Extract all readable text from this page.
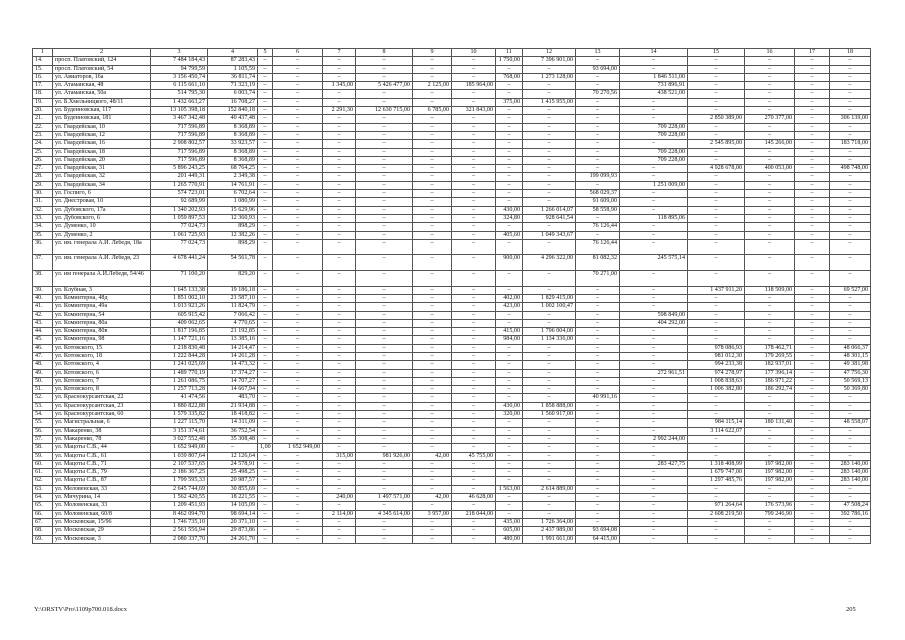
1	2	3	4	5	6	7	8	9	10	11	12	13	14	15	16	17	18
14.	просп. Платовский, 124	7 484 184,43	87 283,43	–	–	–	–	–	–	1 750,00	7 396 901,00	–	–	–	–	–	–
15.	просп. Платовский, 54	94 799,59	1 105,59	–	–	–	–	–	–	–	–	93 694,00	–	–	–	–	–
16.	ул. Авиаторов, 16а	3 156 450,74	36 811,74	–	–	–	–	–	–	768,00	1 273 128,00	–	1 846 511,00	–	–	–	–
17.	ул. Атаманская, 48	6 115 661,10	71 323,19	–	–	1 345,00	5 426 477,00	2 125,00	185 964,00	–	–	–	731 896,91	–	–	–	–
18.	ул. Атаманская, 50а	514 795,30	6 003,74	–	–	–	–	–	–	–	–	70 270,56	438 521,00	–	–	–	–
19.	ул. Б.Хмельницкого, 48/11	1 432 663,27	16 708,27	–	–	–	–	–	–	375,00	1 415 955,00	–	–	–	–	–	–
20.	ул. Буденновская, 117	13 105 398,18	152 840,18	–	–	2 291,30	12 630 715,00	6 785,00	321 843,00	–	–	–	–	–	–	–	–
21.	ул. Буденновская, 181	3 467 342,48	40 437,48	–	–	–	–	–	–	–	–	–	–	2 850 389,00	270 377,00	–	306 139,00
22.	ул. Гвардейская, 10	717 596,89	8 368,89	–	–	–	–	–	–	–	–	–	709 228,00	–	–	–	–
23.	ул. Гвардейская, 12	717 596,89	8 368,89	–	–	–	–	–	–	–	–	–	709 228,00	–	–	–	–
24.	ул. Гвардейская, 16	2 908 802,57	33 923,57	–	–	–	–	–	–	–	–	–	–	2 545 895,00	145 266,00	–	183 718,00
25.	ул. Гвардейская, 18	717 596,89	8 368,89	–	–	–	–	–	–	–	–	–	709 228,00	–	–	–	–
26.	ул. Гвардейская, 20	717 596,89	8 368,89	–	–	–	–	–	–	–	–	–	709 228,00	–	–	–	–
27.	ул. Гвардейская, 31	5 896 243,25	68 764,25	–	–	–	–	–	–	–	–	–	–	4 928 678,00	400 053,00	–	498 748,00
28.	ул. Гвардейская, 32	201 449,31	2 349,38	–	–	–	–	–	–	–	–	199 099,93	–	–	–	–	–
29.	ул. Гвардейская, 34	1 265 770,91	14 761,91	–	–	–	–	–	–	–	–	–	1 251 009,00	–	–	–	–
30.	ул. Госпиго, 6	574 723,01	6 702,64	–	–	–	–	–	–	–	–	568 029,37	–	–	–	–	–
31.	ул. Днестровая, 10	92 689,99	1 080,99	–	–	–	–	–	–	–	–	91 609,00	–	–	–	–	–
32.	ул. Дубовского, 17а	1 340 202,93	15 629,96	–	–	–	–	–	–	430,00	1 266 014,07	58 558,90	–	–	–	–	–
33.	ул. Дубовского, 6	1 059 897,53	12 360,93	–	–	–	–	–	–	324,80	928 641,54	–	118 895,06	–	–	–	–
34.	ул. Думенко, 10	77 024,73	898,29	–	–	–	–	–	–	–	–	76 126,44	–	–	–	–	–
35.	ул. Думенко, 2	1 061 725,93	12 382,26	–	–	–	–	–	–	405,60	1 049 343,67	–	–	–	–	–	–
36.	ул. им. генерала А.И. Лебедя, 18а	77 024,73	898,29	–	–	–	–	–	–	–	–	76 126,44	–	–	–	–	–
37.	ул. им. генерала А.И. Лебедя, 23	4 678 441,24	54 561,78	–	–	–	–	–	–	900,00	4 296 322,00	81 082,32	245 575,14	–	–	–	–
38.	ул. им генерала А.И.Лебедя, 54/46	71 100,20	829,20	–	–	–	–	–	–	–	–	70 271,00	–	–	–	–	–
39.	ул. Клубная, 3	1 645 133,38	19 186,18	–	–	–	–	–	–	–	–	–	–	1 437 911,20	118 509,00	–	69 527,00
40.	ул. Коминтерна, 48д	1 851 002,10	21 587,10	–	–	–	–	–	–	402,00	1 829 415,00	–	–	–	–	–	–
41.	ул. Коминтерна, 49а	1 013 923,26	11 824,79	–	–	–	–	–	–	423,00	1 002 100,47	–	–	–	–	–	–
42.	ул. Коминтерна, 54	605 915,42	7 066,42	–	–	–	–	–	–	–	–	–	598 849,00	–	–	–	–
43.	ул. Коминтерна, 80а	409 062,65	4 770,65	–	–	–	–	–	–	–	–	–	404 292,00	–	–	–	–
44.	ул. Коминтерна, 80в	1 817 196,85	21 192,85	–	–	–	–	–	–	415,00	1 796 004,00	–	–	–	–	–	–
45.	ул. Коминтерна, 98	1 147 721,16	13 385,16	–	–	–	–	–	–	984,00	1 134 336,00	–	–	–	–	–	–
46.	ул. Котовского, 15	1 218 830,48	14 214,47	–	–	–	–	–	–	–	–	–	–	978 086,93	178 462,71	–	48 066,37
47.	ул. Котовского, 18	1 222 844,28	14 261,28	–	–	–	–	–	–	–	–	–	–	981 012,30	179 269,55	–	48 301,15
48.	ул. Котовского, 4	1 241 025,69	14 473,32	–	–	–	–	–	–	–	–	–	–	994 233,38	182 937,01	–	49 381,98
49.	ул. Котовского, 6	1 489 770,19	17 374,27	–	–	–	–	–	–	–	–	–	272 961,51	974 278,97	177 396,14	–	47 756,30
50.	ул. Котовского, 7	1 261 086,75	14 707,27	–	–	–	–	–	–	–	–	–	–	1 008 838,63	186 971,22	–	50 569,13
51.	ул. Котовского, 8	1 257 713,28	14 667,94	–	–	–	–	–	–	–	–	–	–	1 006 382,80	186 292,74	–	50 369,80
52.	ул. Краснокурсантская, 22	41 474,56	483,70	–	–	–	–	–	–	–	–	40 991,16	–	–	–	–	–
53.	ул. Краснокурсантская, 23	1 880 822,88	21 934,88	–	–	–	–	–	–	430,00	1 858 888,00	–	–	–	–	–	–
54.	ул. Краснокурсантская, 60	1 579 335,82	18 418,82	–	–	–	–	–	–	320,00	1 560 917,00	–	–	–	–	–	–
55.	ул. Магистральная, 6	1 227 115,70	14 311,09	–	–	–	–	–	–	–	–	–	–	984 115,14	180 131,40	–	48 558,07
56.	ул. Макаренко, 38	3 151 374,61	36 752,54	–	–	–	–	–	–	–	–	–	–	3 114 622,07	–	–	–
57.	ул. Макаренко, 78	3 027 552,48	35 308,48	–	–	–	–	–	–	–	–	–	2 992 244,00	–	–	–	–
58.	ул. Мацоты С.В., 44	1 652 949,00	–	1,00	1 652 949,00	–	–	–	–	–	–	–	–	–	–	–	–
59.	ул. Мацоты С.В., 61	1 039 807,64	12 126,64	–	–	315,00	981 926,00	42,00	45 755,00	–	–	–	–	–	–	–	–
60.	ул. Мацоты С.В., 71	2 107 537,65	24 578,91	–	–	–	–	–	–	–	–	–	283 427,75	1 318 408,99	197 982,00	–	283 140,00
61.	ул. Мацоты С.В., 79	2 186 367,25	25 498,25	–	–	–	–	–	–	–	–	–	–	1 679 747,00	197 982,00	–	283 140,00
62.	ул. Мацоты С.В., 87	1 799 595,33	20 987,57	–	–	–	–	–	–	–	–	–	–	1 297 485,76	197 982,00	–	283 140,00
63.	ул. Меловенская, 33	2 645 744,69	30 855,69	–	–	–	–	–	–	1 563,00	2 614 889,00	–	–	–	–	–	–
64.	ул. Мичурина, 14	1 562 420,55	18 221,55	–	–	240,00	1 497 571,00	42,00	46 628,00	–	–	–	–	–	–	–	–
65.	ул. Моловенская, 33	1 209 451,93	14 105,09	–	–	–	–	–	–	–	–	–	–	971 264,64	176 573,96	–	47 508,24
66.	ул. Моловенская, 60/8	8 462 094,70	98 694,14	–	–	2 114,00	4 345 614,00	3 957,00	218 044,00	–	–	–	–	2 608 219,50	799 246,90	–	392 786,16
67.	ул. Московская, 15/96	1 746 735,10	20 371,10	–	–	–	–	–	–	435,00	1 726 364,00	–	–	–	–	–	–
68.	ул. Московская, 29	2 561 556,94	29 873,86	–	–	–	–	–	–	605,00	2 437 989,00	93 694,08	–	–	–	–	–
69.	ул. Московская, 3	2 080 337,70	24 261,70	–	–	–	–	–	–	480,00	1 991 661,00	64 415,00	–	–	–	–	–
Y:\ORSTV\Pro\1109p700.018.docx	205
